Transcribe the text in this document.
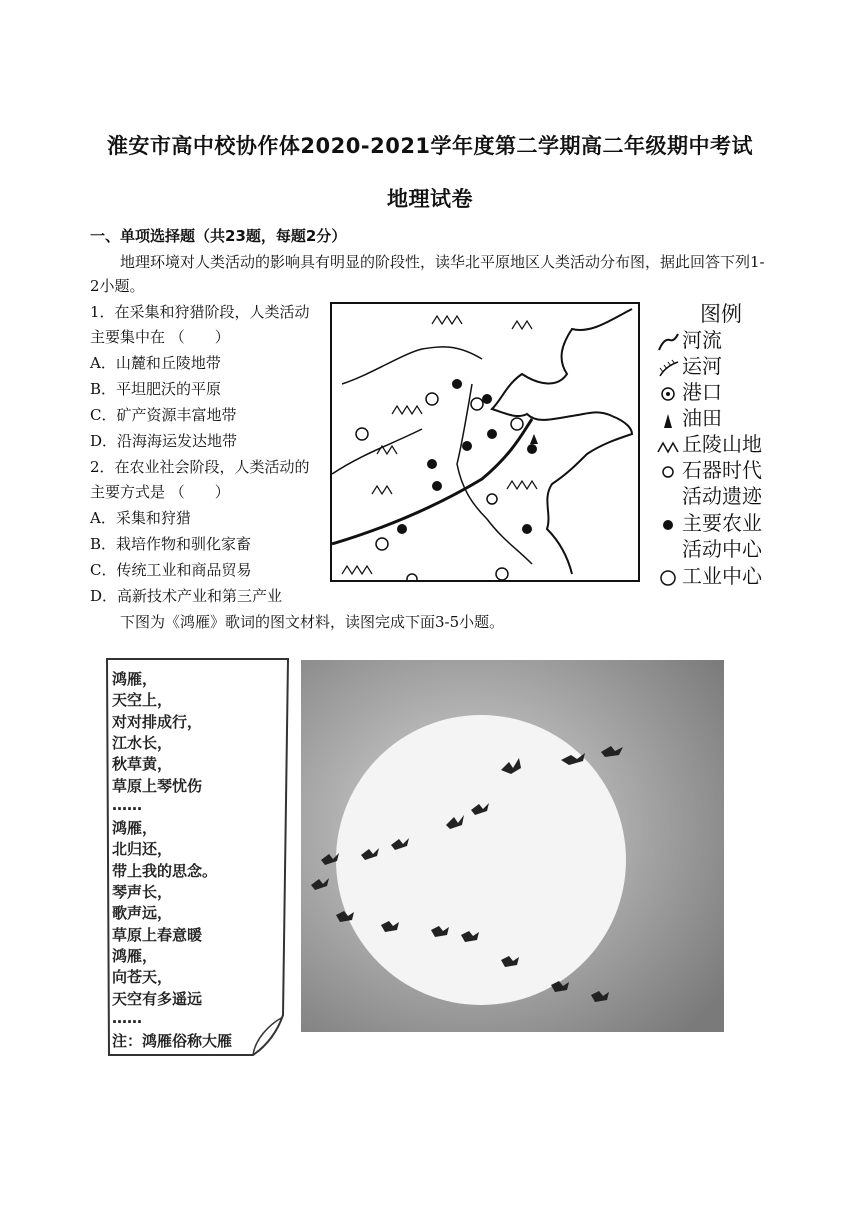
淮安市高中校协作体2020-2021学年度第二学期高二年级期中考试
地理试卷
一、单项选择题（共23题，每题2分）
地理环境对人类活动的影响具有明显的阶段性，读华北平原地区人类活动分布图，据此回答下列1-2小题。
1．在采集和狩猎阶段，人类活动主要集中在 （　　）
A．山麓和丘陵地带
B．平坦肥沃的平原
C．矿产资源丰富地带
D．沿海海运发达地带
2．在农业社会阶段，人类活动的主要方式是 （　　）
A．采集和狩猎
B．栽培作物和驯化家畜
C．传统工业和商品贸易
D．高新技术产业和第三产业
图例
河流
运河
港口
油田
丘陵山地
石器时代
活动遗迹
主要农业
活动中心
工业中心
下图为《鸿雁》歌词的图文材料，读图完成下面3-5小题。
鸿雁，
天空上，
对对排成行，
江水长，
秋草黄，
草原上琴忧伤
……
鸿雁，
北归还，
带上我的思念。
琴声长，
歌声远，
草原上春意暖
鸿雁，
向苍天，
天空有多遥远
……
注：鸿雁俗称大雁
